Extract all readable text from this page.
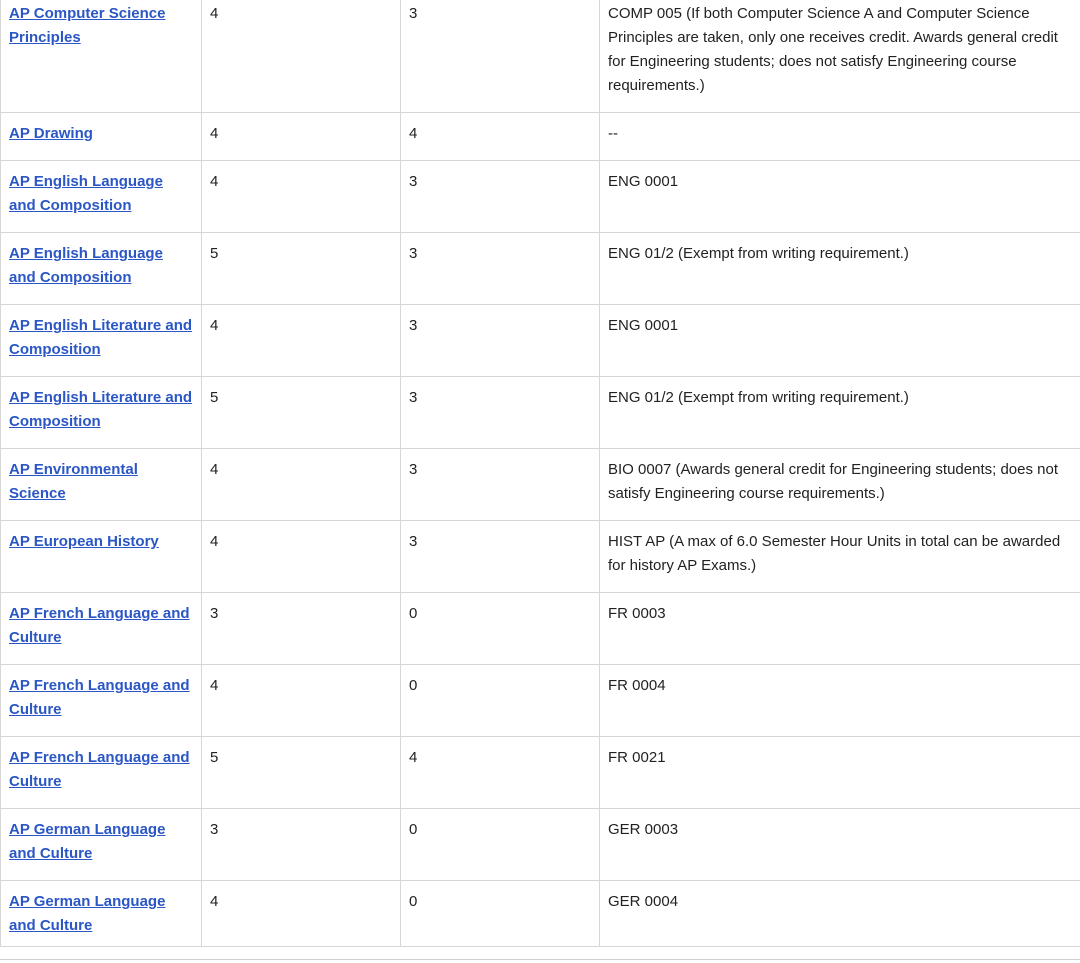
AP Computer Science Principles	4	3	COMP 005 (If both Computer Science A and Computer Science Principles are taken, only one receives credit. Awards general credit for Engineering students; does not satisfy Engineering course requirements.)
AP Drawing	4	4	--
AP English Language and Composition	4	3	ENG 0001
AP English Language and Composition	5	3	ENG 01/2 (Exempt from writing requirement.)
AP English Literature and Composition	4	3	ENG 0001
AP English Literature and Composition	5	3	ENG 01/2 (Exempt from writing requirement.)
AP Environmental Science	4	3	BIO 0007 (Awards general credit for Engineering students; does not satisfy Engineering course requirements.)
AP European History	4	3	HIST AP (A max of 6.0 Semester Hour Units in total can be awarded for history AP Exams.)
AP French Language and Culture	3	0	FR 0003
AP French Language and Culture	4	0	FR 0004
AP French Language and Culture	5	4	FR 0021
AP German Language and Culture	3	0	GER 0003
AP German Language and Culture	4	0	GER 0004
